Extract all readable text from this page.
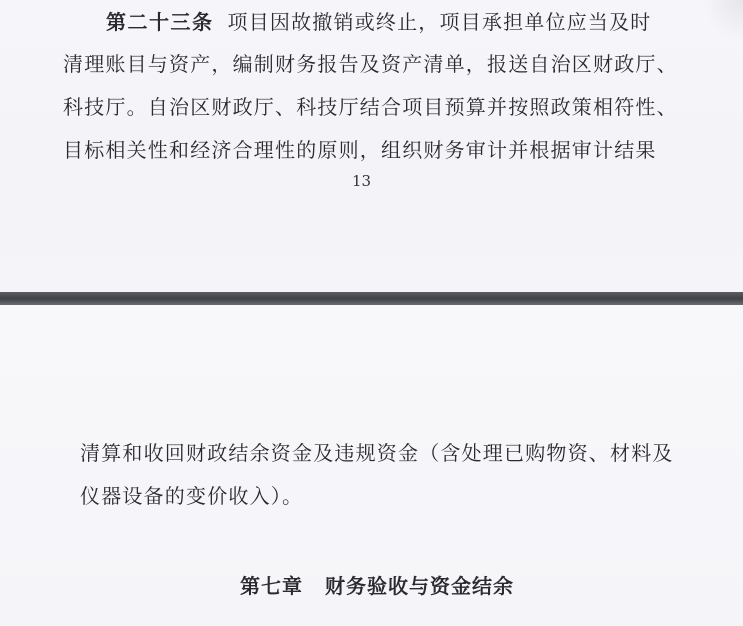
第二十三条 项目因故撤销或终止，项目承担单位应当及时
清理账目与资产，编制财务报告及资产清单，报送自治区财政厅、
科技厅。自治区财政厅、科技厅结合项目预算并按照政策相符性、
目标相关性和经济合理性的原则，组织财务审计并根据审计结果
13
清算和收回财政结余资金及违规资金（含处理已购物资、材料及
仪器设备的变价收入）。
第七章 财务验收与资金结余
